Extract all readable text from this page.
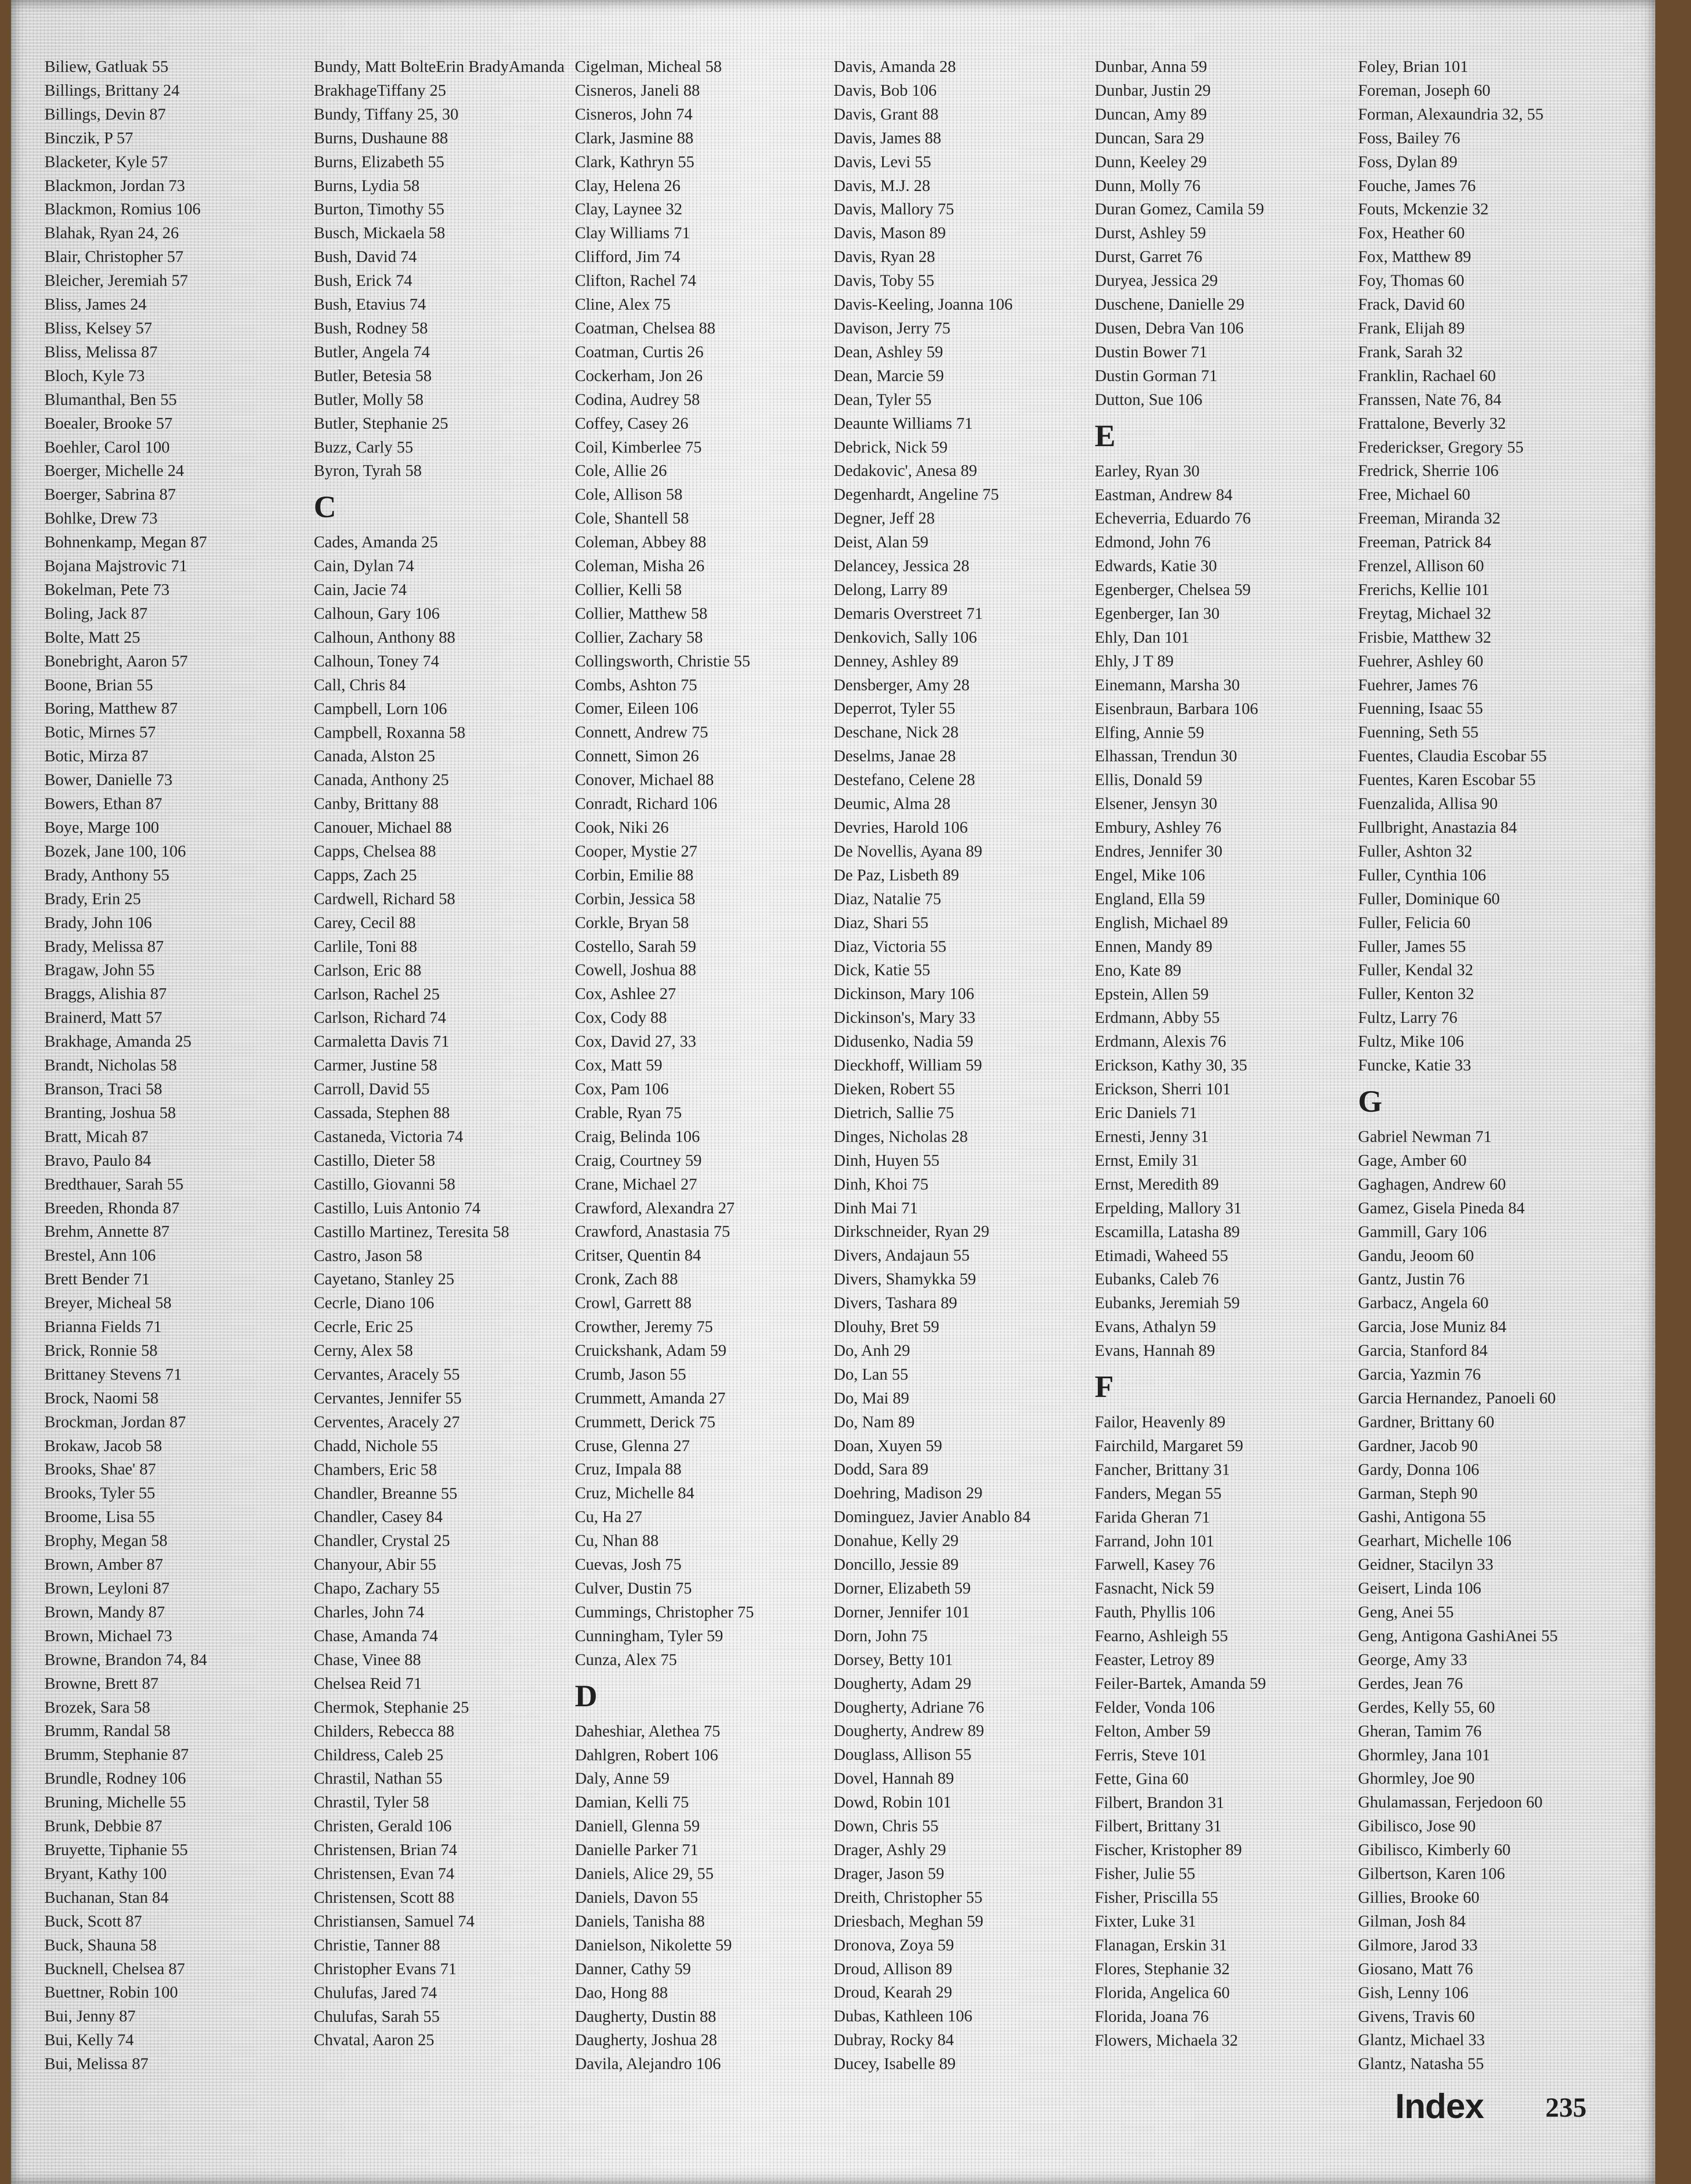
Biliew, Gatluak 55
Billings, Brittany 24
Billings, Devin 87
Binczik, P 57
Blacketer, Kyle 57
Blackmon, Jordan 73
Blackmon, Romius 106
Blahak, Ryan 24, 26
Blair, Christopher 57
Bleicher, Jeremiah 57
Bliss, James 24
Bliss, Kelsey 57
Bliss, Melissa 87
Bloch, Kyle 73
Blumanthal, Ben 55
Boealer, Brooke 57
Boehler, Carol 100
Boerger, Michelle 24
Boerger, Sabrina 87
Bohlke, Drew 73
Bohnenkamp, Megan 87
Bojana Majstrovic 71
Bokelman, Pete 73
Boling, Jack 87
Bolte, Matt 25
Bonebright, Aaron 57
Boone, Brian 55
Boring, Matthew 87
Botic, Mirnes 57
Botic, Mirza 87
Bower, Danielle 73
Bowers, Ethan 87
Boye, Marge 100
Bozek, Jane 100, 106
Brady, Anthony 55
Brady, Erin 25
Brady, John 106
Brady, Melissa 87
Bragaw, John 55
Braggs, Alishia 87
Brainerd, Matt 57
Brakhage, Amanda 25
Brandt, Nicholas 58
Branson, Traci 58
Branting, Joshua 58
Bratt, Micah 87
Bravo, Paulo 84
Bredthauer, Sarah 55
Breeden, Rhonda 87
Brehm, Annette 87
Brestel, Ann 106
Brett Bender 71
Breyer, Micheal 58
Brianna Fields 71
Brick, Ronnie 58
Brittaney Stevens 71
Brock, Naomi 58
Brockman, Jordan 87
Brokaw, Jacob 58
Brooks, Shae' 87
Brooks, Tyler 55
Broome, Lisa 55
Brophy, Megan 58
Brown, Amber 87
Brown, Leyloni 87
Brown, Mandy 87
Brown, Michael 73
Browne, Brandon 74, 84
Browne, Brett 87
Brozek, Sara 58
Brumm, Randal 58
Brumm, Stephanie 87
Brundle, Rodney 106
Bruning, Michelle 55
Brunk, Debbie 87
Bruyette, Tiphanie 55
Bryant, Kathy 100
Buchanan, Stan 84
Buck, Scott 87
Buck, Shauna 58
Bucknell, Chelsea 87
Buettner, Robin 100
Bui, Jenny 87
Bui, Kelly 74
Bui, Melissa 87
Bundy, Matt BolteErin BradyAmanda BrakhageTiffany 25
Bundy, Tiffany 25, 30
Burns, Dushaune 88
Burns, Elizabeth 55
Burns, Lydia 58
Burton, Timothy 55
Busch, Mickaela 58
Bush, David 74
Bush, Erick 74
Bush, Etavius 74
Bush, Rodney 58
Butler, Angela 74
Butler, Betesia 58
Butler, Molly 58
Butler, Stephanie 25
Buzz, Carly 55
Byron, Tyrah 58
C
Cades, Amanda 25
Cain, Dylan 74
Cain, Jacie 74
Calhoun, Gary 106
Calhoun, Anthony 88
Calhoun, Toney 74
Call, Chris 84
Campbell, Lorn 106
Campbell, Roxanna 58
Canada, Alston 25
Canada, Anthony 25
Canby, Brittany 88
Canouer, Michael 88
Capps, Chelsea 88
Capps, Zach 25
Cardwell, Richard 58
Carey, Cecil 88
Carlile, Toni 88
Carlson, Eric 88
Carlson, Rachel 25
Carlson, Richard 74
Carmaletta Davis 71
Carmer, Justine 58
Carroll, David 55
Cassada, Stephen 88
Castaneda, Victoria 74
Castillo, Dieter 58
Castillo, Giovanni 58
Castillo, Luis Antonio 74
Castillo Martinez, Teresita 58
Castro, Jason 58
Cayetano, Stanley 25
Cecrle, Diano 106
Cecrle, Eric 25
Cerny, Alex 58
Cervantes, Aracely 55
Cervantes, Jennifer 55
Cerventes, Aracely 27
Chadd, Nichole 55
Chambers, Eric 58
Chandler, Breanne 55
Chandler, Casey 84
Chandler, Crystal 25
Chanyour, Abir 55
Chapo, Zachary 55
Charles, John 74
Chase, Amanda 74
Chase, Vinee 88
Chelsea Reid 71
Chermok, Stephanie 25
Childers, Rebecca 88
Childress, Caleb 25
Chrastil, Nathan 55
Chrastil, Tyler 58
Christen, Gerald 106
Christensen, Brian 74
Christensen, Evan 74
Christensen, Scott 88
Christiansen, Samuel 74
Christie, Tanner 88
Christopher Evans 71
Chulufas, Jared 74
Chulufas, Sarah 55
Chvatal, Aaron 25
Cigelman, Micheal 58
Cisneros, Janeli 88
Cisneros, John 74
Clark, Jasmine 88
Clark, Kathryn 55
Clay, Helena 26
Clay, Laynee 32
Clay Williams 71
Clifford, Jim 74
Clifton, Rachel 74
Cline, Alex 75
Coatman, Chelsea 88
Coatman, Curtis 26
Cockerham, Jon 26
Codina, Audrey 58
Coffey, Casey 26
Coil, Kimberlee 75
Cole, Allie 26
Cole, Allison 58
Cole, Shantell 58
Coleman, Abbey 88
Coleman, Misha 26
Collier, Kelli 58
Collier, Matthew 58
Collier, Zachary 58
Collingsworth, Christie 55
Combs, Ashton 75
Comer, Eileen 106
Connett, Andrew 75
Connett, Simon 26
Conover, Michael 88
Conradt, Richard 106
Cook, Niki 26
Cooper, Mystie 27
Corbin, Emilie 88
Corbin, Jessica 58
Corkle, Bryan 58
Costello, Sarah 59
Cowell, Joshua 88
Cox, Ashlee 27
Cox, Cody 88
Cox, David 27, 33
Cox, Matt 59
Cox, Pam 106
Crable, Ryan 75
Craig, Belinda 106
Craig, Courtney 59
Crane, Michael 27
Crawford, Alexandra 27
Crawford, Anastasia 75
Critser, Quentin 84
Cronk, Zach 88
Crowl, Garrett 88
Crowther, Jeremy 75
Cruickshank, Adam 59
Crumb, Jason 55
Crummett, Amanda 27
Crummett, Derick 75
Cruse, Glenna 27
Cruz, Impala 88
Cruz, Michelle 84
Cu, Ha 27
Cu, Nhan 88
Cuevas, Josh 75
Culver, Dustin 75
Cummings, Christopher 75
Cunningham, Tyler 59
Cunza, Alex 75
D
Daheshiar, Alethea 75
Dahlgren, Robert 106
Daly, Anne 59
Damian, Kelli 75
Daniell, Glenna 59
Danielle Parker 71
Daniels, Alice 29, 55
Daniels, Davon 55
Daniels, Tanisha 88
Danielson, Nikolette 59
Danner, Cathy 59
Dao, Hong 88
Daugherty, Dustin 88
Daugherty, Joshua 28
Davila, Alejandro 106
Davis, Amanda 28
Davis, Bob 106
Davis, Grant 88
Davis, James 88
Davis, Levi 55
Davis, M.J. 28
Davis, Mallory 75
Davis, Mason 89
Davis, Ryan 28
Davis, Toby 55
Davis-Keeling, Joanna 106
Davison, Jerry 75
Dean, Ashley 59
Dean, Marcie 59
Dean, Tyler 55
Deaunte Williams 71
Debrick, Nick 59
Dedakovic', Anesa 89
Degenhardt, Angeline 75
Degner, Jeff 28
Deist, Alan 59
Delancey, Jessica 28
Delong, Larry 89
Demaris Overstreet 71
Denkovich, Sally 106
Denney, Ashley 89
Densberger, Amy 28
Deperrot, Tyler 55
Deschane, Nick 28
Deselms, Janae 28
Destefano, Celene 28
Deumic, Alma 28
Devries, Harold 106
De Novellis, Ayana 89
De Paz, Lisbeth 89
Diaz, Natalie 75
Diaz, Shari 55
Diaz, Victoria 55
Dick, Katie 55
Dickinson, Mary 106
Dickinson's, Mary 33
Didusenko, Nadia 59
Dieckhoff, William 59
Dieken, Robert 55
Dietrich, Sallie 75
Dinges, Nicholas 28
Dinh, Huyen 55
Dinh, Khoi 75
Dinh Mai 71
Dirkschneider, Ryan 29
Divers, Andajaun 55
Divers, Shamykka 59
Divers, Tashara 89
Dlouhy, Bret 59
Do, Anh 29
Do, Lan 55
Do, Mai 89
Do, Nam 89
Doan, Xuyen 59
Dodd, Sara 89
Doehring, Madison 29
Dominguez, Javier Anablo 84
Donahue, Kelly 29
Doncillo, Jessie 89
Dorner, Elizabeth 59
Dorner, Jennifer 101
Dorn, John 75
Dorsey, Betty 101
Dougherty, Adam 29
Dougherty, Adriane 76
Dougherty, Andrew 89
Douglass, Allison 55
Dovel, Hannah 89
Dowd, Robin 101
Down, Chris 55
Drager, Ashly 29
Drager, Jason 59
Dreith, Christopher 55
Driesbach, Meghan 59
Dronova, Zoya 59
Droud, Allison 89
Droud, Kearah 29
Dubas, Kathleen 106
Dubray, Rocky 84
Ducey, Isabelle 89
Dunbar, Anna 59
Dunbar, Justin 29
Duncan, Amy 89
Duncan, Sara 29
Dunn, Keeley 29
Dunn, Molly 76
Duran Gomez, Camila 59
Durst, Ashley 59
Durst, Garret 76
Duryea, Jessica 29
Duschene, Danielle 29
Dusen, Debra Van 106
Dustin Bower 71
Dustin Gorman 71
Dutton, Sue 106
E
Earley, Ryan 30
Eastman, Andrew 84
Echeverria, Eduardo 76
Edmond, John 76
Edwards, Katie 30
Egenberger, Chelsea 59
Egenberger, Ian 30
Ehly, Dan 101
Ehly, J T 89
Einemann, Marsha 30
Eisenbraun, Barbara 106
Elfing, Annie 59
Elhassan, Trendun 30
Ellis, Donald 59
Elsener, Jensyn 30
Embury, Ashley 76
Endres, Jennifer 30
Engel, Mike 106
England, Ella 59
English, Michael 89
Ennen, Mandy 89
Eno, Kate 89
Epstein, Allen 59
Erdmann, Abby 55
Erdmann, Alexis 76
Erickson, Kathy 30, 35
Erickson, Sherri 101
Eric Daniels 71
Ernesti, Jenny 31
Ernst, Emily 31
Ernst, Meredith 89
Erpelding, Mallory 31
Escamilla, Latasha 89
Etimadi, Waheed 55
Eubanks, Caleb 76
Eubanks, Jeremiah 59
Evans, Athalyn 59
Evans, Hannah 89
F
Failor, Heavenly 89
Fairchild, Margaret 59
Fancher, Brittany 31
Fanders, Megan 55
Farida Gheran 71
Farrand, John 101
Farwell, Kasey 76
Fasnacht, Nick 59
Fauth, Phyllis 106
Fearno, Ashleigh 55
Feaster, Letroy 89
Feiler-Bartek, Amanda 59
Felder, Vonda 106
Felton, Amber 59
Ferris, Steve 101
Fette, Gina 60
Filbert, Brandon 31
Filbert, Brittany 31
Fischer, Kristopher 89
Fisher, Julie 55
Fisher, Priscilla 55
Fixter, Luke 31
Flanagan, Erskin 31
Flores, Stephanie 32
Florida, Angelica 60
Florida, Joana 76
Flowers, Michaela 32
Foley, Brian 101
Foreman, Joseph 60
Forman, Alexaundria 32, 55
Foss, Bailey 76
Foss, Dylan 89
Fouche, James 76
Fouts, Mckenzie 32
Fox, Heather 60
Fox, Matthew 89
Foy, Thomas 60
Frack, David 60
Frank, Elijah 89
Frank, Sarah 32
Franklin, Rachael 60
Franssen, Nate 76, 84
Frattalone, Beverly 32
Frederickser, Gregory 55
Fredrick, Sherrie 106
Free, Michael 60
Freeman, Miranda 32
Freeman, Patrick 84
Frenzel, Allison 60
Frerichs, Kellie 101
Freytag, Michael 32
Frisbie, Matthew 32
Fuehrer, Ashley 60
Fuehrer, James 76
Fuenning, Isaac 55
Fuenning, Seth 55
Fuentes, Claudia Escobar 55
Fuentes, Karen Escobar 55
Fuenzalida, Allisa 90
Fullbright, Anastazia 84
Fuller, Ashton 32
Fuller, Cynthia 106
Fuller, Dominique 60
Fuller, Felicia 60
Fuller, James 55
Fuller, Kendal 32
Fuller, Kenton 32
Fultz, Larry 76
Fultz, Mike 106
Funcke, Katie 33
G
Gabriel Newman 71
Gage, Amber 60
Gaghagen, Andrew 60
Gamez, Gisela Pineda 84
Gammill, Gary 106
Gandu, Jeoom 60
Gantz, Justin 76
Garbacz, Angela 60
Garcia, Jose Muniz 84
Garcia, Stanford 84
Garcia, Yazmin 76
Garcia Hernandez, Panoeli 60
Gardner, Brittany 60
Gardner, Jacob 90
Gardy, Donna 106
Garman, Steph 90
Gashi, Antigona 55
Gearhart, Michelle 106
Geidner, Stacilyn 33
Geisert, Linda 106
Geng, Anei 55
Geng, Antigona GashiAnei 55
George, Amy 33
Gerdes, Jean 76
Gerdes, Kelly 55, 60
Gheran, Tamim 76
Ghormley, Jana 101
Ghormley, Joe 90
Ghulamassan, Ferjedoon 60
Gibilisco, Jose 90
Gibilisco, Kimberly 60
Gilbertson, Karen 106
Gillies, Brooke 60
Gilman, Josh 84
Gilmore, Jarod 33
Giosano, Matt 76
Gish, Lenny 106
Givens, Travis 60
Glantz, Michael 33
Glantz, Natasha 55
Index 235
